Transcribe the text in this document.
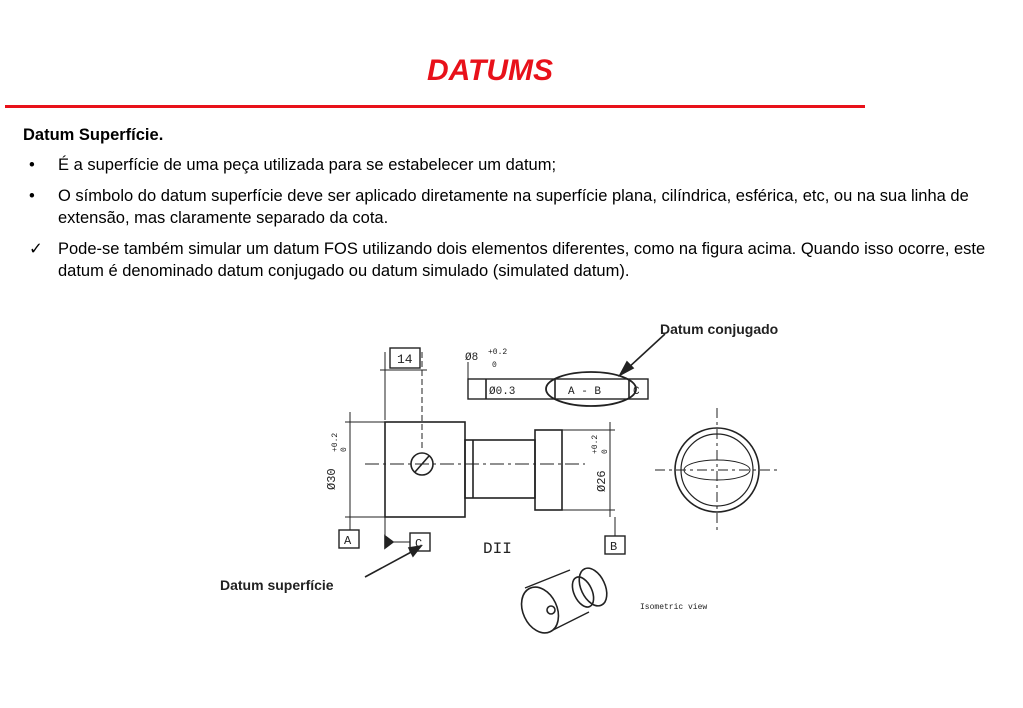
DATUMS
Datum Superfície.
• É a superfície de uma peça utilizada para se estabelecer um datum;
• O símbolo do datum superfície deve ser aplicado diretamente na superfície plana, cilíndrica, esférica, etc, ou na sua linha de extensão, mas claramente separado da cota.
✓ Pode-se também simular um datum FOS utilizando dois elementos diferentes, como na figura acima. Quando isso ocorre, este datum é denominado datum conjugado ou datum simulado (simulated datum).
Datum conjugado
Datum superfície
14	Ø8 +0.2
0
Ø0.3	A - B	C
A	B
C
Ø30
+0.2 0
Ø26
+0.2 0
DII
Isometric view
